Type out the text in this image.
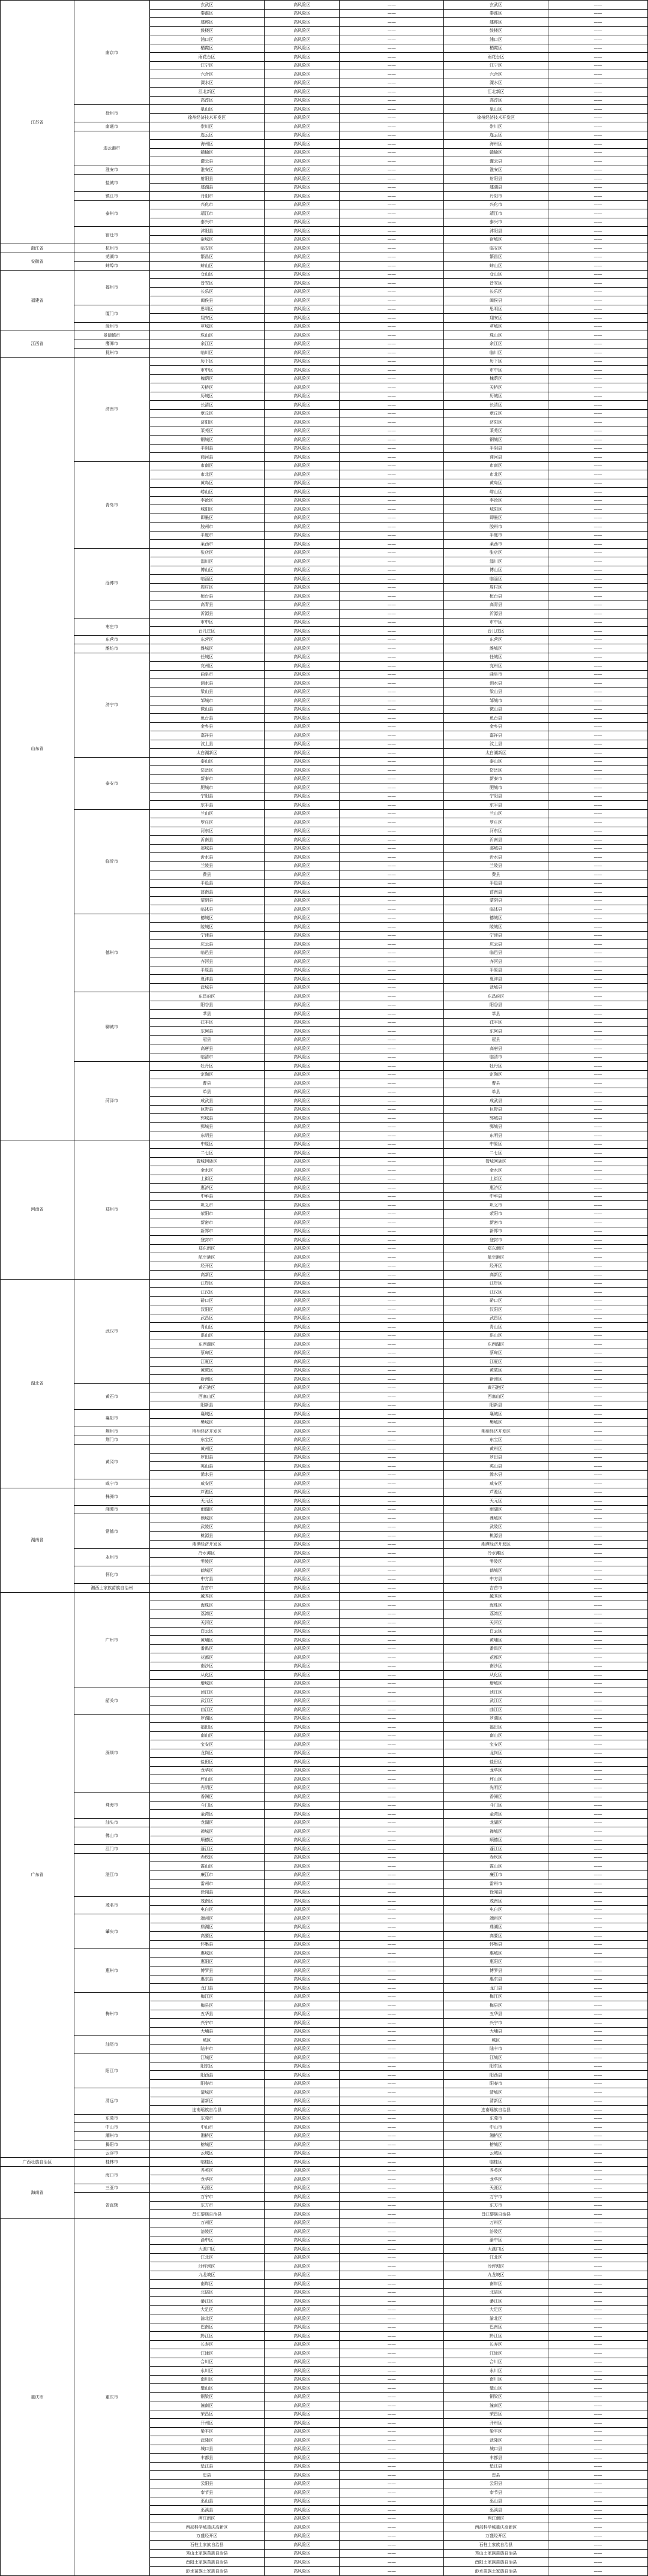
江苏省	南京市	玄武区	高风险区	——	玄武区	——
		秦淮区	高风险区	——	秦淮区	——
		建邺区	高风险区	——	建邺区	——
		鼓楼区	高风险区	——	鼓楼区	——
		浦口区	高风险区	——	浦口区	——
		栖霞区	高风险区	——	栖霞区	——
		雨花台区	高风险区	——	雨花台区	——
		江宁区	高风险区	——	江宁区	——
		六合区	高风险区	——	六合区	——
		溧水区	高风险区	——	溧水区	——
		江北新区	高风险区	——	江北新区	——
		高淳区	高风险区	——	高淳区	——
	徐州市	泉山区	高风险区	——	泉山区	——
		徐州经济技术开发区	高风险区	——	徐州经济技术开发区	——
	南通市	崇川区	高风险区	——	崇川区	——
	连云港市	连云区	高风险区	——	连云区	——
		海州区	高风险区	——	海州区	——
		赣榆区	高风险区	——	赣榆区	——
		灌云县	高风险区	——	灌云县	——
	淮安市	淮安区	高风险区	——	淮安区	——
	盐城市	射阳县	高风险区	——	射阳县	——
		建湖县	高风险区	——	建湖县	——
	镇江市	丹阳市	高风险区	——	丹阳市	——
	泰州市	兴化市	高风险区	——	兴化市	——
		靖江市	高风险区	——	靖江市	——
		泰兴市	高风险区	——	泰兴市	——
	宿迁市	沭阳县	高风险区	——	沭阳县	——
		宿城区	高风险区	——	宿城区	——
浙江省	杭州市	临安区	高风险区	——	临安区	——
安徽省	芜湖市	繁昌区	高风险区	——	繁昌区	——
	蚌埠市	蚌山区	高风险区	——	蚌山区	——
福建省	福州市	仓山区	高风险区	——	仓山区	——
		晋安区	高风险区	——	晋安区	——
		长乐区	高风险区	——	长乐区	——
		闽侯县	高风险区	——	闽侯县	——
	厦门市	思明区	高风险区	——	思明区	——
		翔安区	高风险区	——	翔安区	——
	漳州市	芗城区	高风险区	——	芗城区	——
江西省	景德镇市	珠山区	高风险区	——	珠山区	——
	鹰潭市	余江区	高风险区	——	余江区	——
	抚州市	临川区	高风险区	——	临川区	——
山东省	济南市	历下区	高风险区	——	历下区	——
		市中区	高风险区	——	市中区	——
		槐荫区	高风险区	——	槐荫区	——
		天桥区	高风险区	——	天桥区	——
		历城区	高风险区	——	历城区	——
		长清区	高风险区	——	长清区	——
		章丘区	高风险区	——	章丘区	——
		济阳区	高风险区	——	济阳区	——
		莱芜区	高风险区	——	莱芜区	——
		钢城区	高风险区	——	钢城区	——
		平阴县	高风险区	——	平阴县	——
		商河县	高风险区	——	商河县	——
	青岛市	市南区	高风险区	——	市南区	——
		市北区	高风险区	——	市北区	——
		黄岛区	高风险区	——	黄岛区	——
		崂山区	高风险区	——	崂山区	——
		李沧区	高风险区	——	李沧区	——
		城阳区	高风险区	——	城阳区	——
		即墨区	高风险区	——	即墨区	——
		胶州市	高风险区	——	胶州市	——
		平度市	高风险区	——	平度市	——
		莱西市	高风险区	——	莱西市	——
	淄博市	张店区	高风险区	——	张店区	——
		淄川区	高风险区	——	淄川区	——
		博山区	高风险区	——	博山区	——
		临淄区	高风险区	——	临淄区	——
		周村区	高风险区	——	周村区	——
		桓台县	高风险区	——	桓台县	——
		高青县	高风险区	——	高青县	——
		沂源县	高风险区	——	沂源县	——
	枣庄市	市中区	高风险区	——	市中区	——
		台儿庄区	高风险区	——	台儿庄区	——
	东营市	东营区	高风险区	——	东营区	——
	潍坊市	潍城区	高风险区	——	潍城区	——
	济宁市	任城区	高风险区	——	任城区	——
		兖州区	高风险区	——	兖州区	——
		曲阜市	高风险区	——	曲阜市	——
		泗水县	高风险区	——	泗水县	——
		梁山县	高风险区	——	梁山县	——
		邹城市	高风险区	——	邹城市	——
		微山县	高风险区	——	微山县	——
		鱼台县	高风险区	——	鱼台县	——
		金乡县	高风险区	——	金乡县	——
		嘉祥县	高风险区	——	嘉祥县	——
		汶上县	高风险区	——	汶上县	——
		太白湖新区	高风险区	——	太白湖新区	——
	泰安市	泰山区	高风险区	——	泰山区	——
		岱岳区	高风险区	——	岱岳区	——
		新泰市	高风险区	——	新泰市	——
		肥城市	高风险区	——	肥城市	——
		宁阳县	高风险区	——	宁阳县	——
		东平县	高风险区	——	东平县	——
	临沂市	兰山区	高风险区	——	兰山区	——
		罗庄区	高风险区	——	罗庄区	——
		河东区	高风险区	——	河东区	——
		沂南县	高风险区	——	沂南县	——
		郯城县	高风险区	——	郯城县	——
		沂水县	高风险区	——	沂水县	——
		兰陵县	高风险区	——	兰陵县	——
		费县	高风险区	——	费县	——
		平邑县	高风险区	——	平邑县	——
		莒南县	高风险区	——	莒南县	——
		蒙阴县	高风险区	——	蒙阴县	——
		临沭县	高风险区	——	临沭县	——
	德州市	德城区	高风险区	——	德城区	——
		陵城区	高风险区	——	陵城区	——
		宁津县	高风险区	——	宁津县	——
		庆云县	高风险区	——	庆云县	——
		临邑县	高风险区	——	临邑县	——
		齐河县	高风险区	——	齐河县	——
		平原县	高风险区	——	平原县	——
		夏津县	高风险区	——	夏津县	——
		武城县	高风险区	——	武城县	——
	聊城市	东昌府区	高风险区	——	东昌府区	——
		阳谷县	高风险区	——	阳谷县	——
		莘县	高风险区	——	莘县	——
		茌平区	高风险区	——	茌平区	——
		东阿县	高风险区	——	东阿县	——
		冠县	高风险区	——	冠县	——
		高唐县	高风险区	——	高唐县	——
		临清市	高风险区	——	临清市	——
	菏泽市	牡丹区	高风险区	——	牡丹区	——
		定陶区	高风险区	——	定陶区	——
		曹县	高风险区	——	曹县	——
		单县	高风险区	——	单县	——
		成武县	高风险区	——	成武县	——
		巨野县	高风险区	——	巨野县	——
		郓城县	高风险区	——	郓城县	——
		鄄城县	高风险区	——	鄄城县	——
		东明县	高风险区	——	东明县	——
河南省	郑州市	中原区	高风险区	——	中原区	——
		二七区	高风险区	——	二七区	——
		管城回族区	高风险区	——	管城回族区	——
		金水区	高风险区	——	金水区	——
		上街区	高风险区	——	上街区	——
		惠济区	高风险区	——	惠济区	——
		中牟县	高风险区	——	中牟县	——
		巩义市	高风险区	——	巩义市	——
		荥阳市	高风险区	——	荥阳市	——
		新密市	高风险区	——	新密市	——
		新郑市	高风险区	——	新郑市	——
		登封市	高风险区	——	登封市	——
		郑东新区	高风险区	——	郑东新区	——
		航空港区	高风险区	——	航空港区	——
		经开区	高风险区	——	经开区	——
		高新区	高风险区	——	高新区	——
湖北省	武汉市	江岸区	高风险区	——	江岸区	——
		江汉区	高风险区	——	江汉区	——
		硚口区	高风险区	——	硚口区	——
		汉阳区	高风险区	——	汉阳区	——
		武昌区	高风险区	——	武昌区	——
		青山区	高风险区	——	青山区	——
		洪山区	高风险区	——	洪山区	——
		东西湖区	高风险区	——	东西湖区	——
		蔡甸区	高风险区	——	蔡甸区	——
		江夏区	高风险区	——	江夏区	——
		黄陂区	高风险区	——	黄陂区	——
		新洲区	高风险区	——	新洲区	——
	黄石市	黄石港区	高风险区	——	黄石港区	——
		西塞山区	高风险区	——	西塞山区	——
		阳新县	高风险区	——	阳新县	——
	襄阳市	襄城区	高风险区	——	襄城区	——
		樊城区	高风险区	——	樊城区	——
	荆州市	荆州经济开发区	高风险区	——	荆州经济开发区	——
	荆门市	东宝区	高风险区	——	东宝区	——
	黄冈市	黄州区	高风险区	——	黄州区	——
		罗田县	高风险区	——	罗田县	——
		英山县	高风险区	——	英山县	——
		浠水县	高风险区	——	浠水县	——
	咸宁市	咸安区	高风险区	——	咸安区	——
湖南省	株洲市	芦淞区	高风险区	——	芦淞区	——
		天元区	高风险区	——	天元区	——
	湘潭市	雨湖区	高风险区	——	雨湖区	——
	常德市	鼎城区	高风险区	——	鼎城区	——
		武陵区	高风险区	——	武陵区	——
		桃源县	高风险区	——	桃源县	——
		湘潭经济开发区	高风险区	——	湘潭经济开发区	——
	永州市	冷水滩区	高风险区	——	冷水滩区	——
		零陵区	高风险区	——	零陵区	——
	怀化市	鹤城区	高风险区	——	鹤城区	——
		中方县	高风险区	——	中方县	——
	湘西土家族苗族自治州	吉首市	高风险区	——	吉首市	——
广东省	广州市	越秀区	高风险区	——	越秀区	——
		海珠区	高风险区	——	海珠区	——
		荔湾区	高风险区	——	荔湾区	——
		天河区	高风险区	——	天河区	——
		白云区	高风险区	——	白云区	——
		黄埔区	高风险区	——	黄埔区	——
		番禺区	高风险区	——	番禺区	——
		花都区	高风险区	——	花都区	——
		南沙区	高风险区	——	南沙区	——
		从化区	高风险区	——	从化区	——
		增城区	高风险区	——	增城区	——
	韶关市	浈江区	高风险区	——	浈江区	——
		武江区	高风险区	——	武江区	——
		曲江区	高风险区	——	曲江区	——
	深圳市	罗湖区	高风险区	——	罗湖区	——
		福田区	高风险区	——	福田区	——
		南山区	高风险区	——	南山区	——
		宝安区	高风险区	——	宝安区	——
		龙岗区	高风险区	——	龙岗区	——
		盐田区	高风险区	——	盐田区	——
		龙华区	高风险区	——	龙华区	——
		坪山区	高风险区	——	坪山区	——
		光明区	高风险区	——	光明区	——
	珠海市	香洲区	高风险区	——	香洲区	——
		斗门区	高风险区	——	斗门区	——
		金湾区	高风险区	——	金湾区	——
	汕头市	龙湖区	高风险区	——	龙湖区	——
	佛山市	禅城区	高风险区	——	禅城区	——
		顺德区	高风险区	——	顺德区	——
	江门市	蓬江区	高风险区	——	蓬江区	——
	湛江市	赤坎区	高风险区	——	赤坎区	——
		霞山区	高风险区	——	霞山区	——
		廉江市	高风险区	——	廉江市	——
		雷州市	高风险区	——	雷州市	——
		徐闻县	高风险区	——	徐闻县	——
	茂名市	茂南区	高风险区	——	茂南区	——
		电白区	高风险区	——	电白区	——
	肇庆市	端州区	高风险区	——	端州区	——
		鼎湖区	高风险区	——	鼎湖区	——
		高要区	高风险区	——	高要区	——
		怀集县	高风险区	——	怀集县	——
	惠州市	惠城区	高风险区	——	惠城区	——
		惠阳区	高风险区	——	惠阳区	——
		博罗县	高风险区	——	博罗县	——
		惠东县	高风险区	——	惠东县	——
		龙门县	高风险区	——	龙门县	——
	梅州市	梅江区	高风险区	——	梅江区	——
		梅县区	高风险区	——	梅县区	——
		五华县	高风险区	——	五华县	——
		兴宁市	高风险区	——	兴宁市	——
		大埔县	高风险区	——	大埔县	——
	汕尾市	城区	高风险区	——	城区	——
		陆丰市	高风险区	——	陆丰市	——
	阳江市	江城区	高风险区	——	江城区	——
		阳东区	高风险区	——	阳东区	——
		阳西县	高风险区	——	阳西县	——
		阳春市	高风险区	——	阳春市	——
	清远市	清城区	高风险区	——	清城区	——
		清新区	高风险区	——	清新区	——
		连南瑶族自治县	高风险区	——	连南瑶族自治县	——
	东莞市	东莞市	高风险区	——	东莞市	——
	中山市	中山市	高风险区	——	中山市	——
	潮州市	湘桥区	高风险区	——	湘桥区	——
	揭阳市	榕城区	高风险区	——	榕城区	——
	云浮市	云城区	高风险区	——	云城区	——
广西壮族自治区	桂林市	临桂区	高风险区	——	临桂区	——
海南省	海口市	秀英区	高风险区	——	秀英区	——
		龙华区	高风险区	——	龙华区	——
	三亚市	天涯区	高风险区	——	天涯区	——
	省直辖	万宁市	高风险区	——	万宁市	——
		东方市	高风险区	——	东方市	——
		昌江黎族自治县	高风险区	——	昌江黎族自治县	——
重庆市	重庆市	万州区	高风险区	——	万州区	——
		涪陵区	高风险区	——	涪陵区	——
		渝中区	高风险区	——	渝中区	——
		大渡口区	高风险区	——	大渡口区	——
		江北区	高风险区	——	江北区	——
		沙坪坝区	高风险区	——	沙坪坝区	——
		九龙坡区	高风险区	——	九龙坡区	——
		南岸区	高风险区	——	南岸区	——
		北碚区	高风险区	——	北碚区	——
		綦江区	高风险区	——	綦江区	——
		大足区	高风险区	——	大足区	——
		渝北区	高风险区	——	渝北区	——
		巴南区	高风险区	——	巴南区	——
		黔江区	高风险区	——	黔江区	——
		长寿区	高风险区	——	长寿区	——
		江津区	高风险区	——	江津区	——
		合川区	高风险区	——	合川区	——
		永川区	高风险区	——	永川区	——
		南川区	高风险区	——	南川区	——
		璧山区	高风险区	——	璧山区	——
		铜梁区	高风险区	——	铜梁区	——
		潼南区	高风险区	——	潼南区	——
		荣昌区	高风险区	——	荣昌区	——
		开州区	高风险区	——	开州区	——
		梁平区	高风险区	——	梁平区	——
		武隆区	高风险区	——	武隆区	——
		城口县	高风险区	——	城口县	——
		丰都县	高风险区	——	丰都县	——
		垫江县	高风险区	——	垫江县	——
		忠县	高风险区	——	忠县	——
		云阳县	高风险区	——	云阳县	——
		奉节县	高风险区	——	奉节县	——
		巫山县	高风险区	——	巫山县	——
		巫溪县	高风险区	——	巫溪县	——
		两江新区	高风险区	——	两江新区	——
		西部科学城重庆高新区	高风险区	——	西部科学城重庆高新区	——
		万盛经开区	高风险区	——	万盛经开区	——
		石柱土家族自治县	高风险区	——	石柱土家族自治县	——
		秀山土家族苗族自治县	高风险区	——	秀山土家族苗族自治县	——
		酉阳土家族苗族自治县	高风险区	——	酉阳土家族苗族自治县	——
		彭水苗族土家族自治县	高风险区	——	彭水苗族土家族自治县	——
